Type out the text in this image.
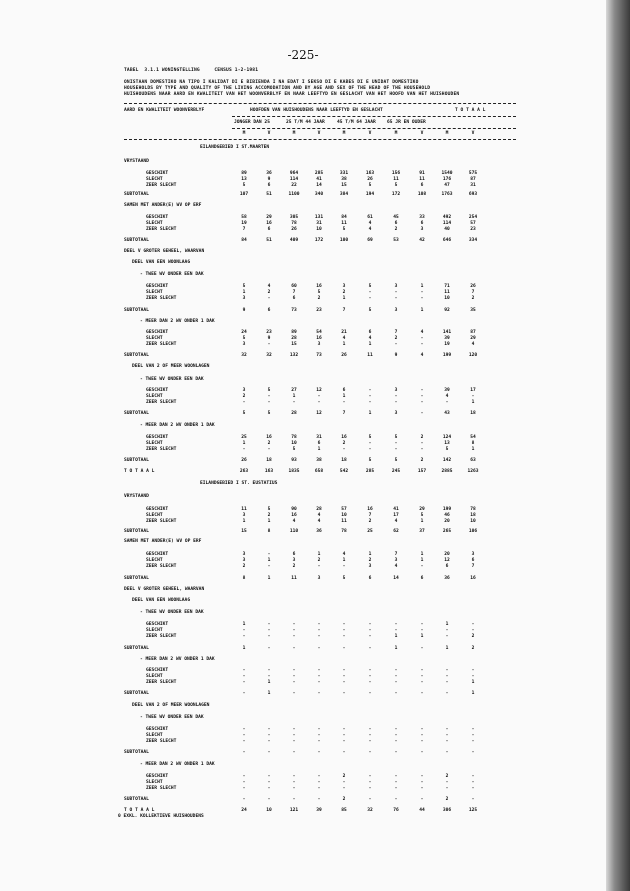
-225-
TABEL  3.1.1 WONINGTELLING     CENSUS 1-2-1981
ONISTAAN DOMESTIKO NA TIPO I KALIDAT DI E BIBIENDA I NA EDAT I SEKSO DI E KABES DI E UNIDAT DOMESTIKO
HOUSEHOLDS BY TYPE AND QUALITY OF THE LIVING ACCOMODATION AND BY AGE AND SEX OF THE HEAD OF THE HOUSEHOLD
HUISHOUDENS NAAR AARD EN KWALITEIT VAN HET WOONVERBLYF EN NAAR LEEFTYD EN GESLACHT VAN HET HOOFD VAN HET HUISHOUDEN
AARD EN KWALITEIT WOONVERBLYF	HOOFDEN VAN HUISHOUDENS NAAR LEEFTYD EN GESLACHT	T O T A A L
JONGER DAN 25	25 T/M 44 JAAR	45 T/M 64 JAAR 65 JR EN OUDER
M	V	M	V	M	V	M	V	M	V
EILANDGEBIED I ST.MAARTEN
EILANDGEBIED I ST. EUSTATIUS
VRYSTAAND
GESCHIKT	89	36	964	285	331	163	156	91	1540	575
SLECHT	13	9	114	41	38	26	11	11	176	87
ZEER SLECHT	5	6	22	14	15	5	5	6	47	31
SUBTOTAAL	107	51	1100	340	384	194	172	108	1763	693
SAMEN MET ANDER(E) WV OP ERF
GESCHIKT	58	29	305	131	84	61	45	33	492	254
SLECHT	19	16	78	31	11	4	6	6	114	57
ZEER SLECHT	7	6	26	10	5	4	2	3	40	23
SUBTOTAAL	84	51	409	172	100	69	53	42	646	334
DEEL V GROTER GEHEEL, WAARVAN
DEEL VAN EEN WOONLAAG
- TWEE WV ONDER EEN DAK
GESCHIKT	5	4	60	16	3	5	3	1	71	26
SLECHT	1	2	7	5	2	-	-	-	11	7
ZEER SLECHT	3	-	6	2	1	-	-	-	10	2
SUBTOTAAL	9	6	73	23	7	5	3	1	92	35
- MEER DAN 2 WV ONDER 1 DAK
GESCHIKT	24	23	89	54	21	6	7	4	141	87
SLECHT	5	9	28	16	4	4	2	-	39	29
ZEER SLECHT	3	-	15	3	1	1	-	-	19	4
SUBTOTAAL	32	32	132	73	26	11	9	4	199	120
DEEL VAN 2 OF MEER WOONLAGEN
- TWEE WV ONDER EEN DAK
GESCHIKT	3	5	27	12	6	-	3	-	39	17
SLECHT	2	-	1	-	1	-	-	-	4	-
ZEER SLECHT	-	-	-	-	-	-	-	-	-	1
SUBTOTAAL	5	5	28	12	7	1	3	-	43	18
- MEER DAN 2 WV ONDER 1 DAK
GESCHIKT	25	16	78	31	16	5	5	2	124	54
SLECHT	1	2	10	6	2	-	-	-	13	8
ZEER SLECHT	-	-	5	1	-	-	-	-	5	1
SUBTOTAAL	26	18	93	38	18	5	5	2	142	63
T O T A A L	263	163	1835	658	542	285	245	157	2885	1263
VRYSTAAND
GESCHIKT	11	5	90	28	57	16	41	29	199	78
SLECHT	3	2	16	4	10	7	17	5	46	18
ZEER SLECHT	1	1	4	4	11	2	4	1	20	10
SUBTOTAAL	15	8	110	36	78	25	62	37	265	106
SAMEN MET ANDER(E) WV OP ERF
GESCHIKT	3	-	6	1	4	1	7	1	20	3
SLECHT	3	1	3	2	1	2	3	1	12	6
ZEER SLECHT	2	-	2	-	-	3	4	-	6	7
SUBTOTAAL	8	1	11	3	5	6	14	6	36	16
DEEL V GROTER GEHEEL, WAARVAN
DEEL VAN EEN WOONLAAG
- TWEE WV ONDER EEN DAK
GESCHIKT	1	-	-	-	-	-	-	-	1	-
SLECHT	-	-	-	-	-	-	-	-	-	-
ZEER SLECHT	-	-	-	-	-	-	1	1	-	2
SUBTOTAAL	1	-	-	-	-	-	1	-	1	2
- MEER DAN 2 WV ONDER 1 DAK
GESCHIKT	-	-	-	-	-	-	-	-	-	-
SLECHT	-	-	-	-	-	-	-	-	-	-
ZEER SLECHT	-	1	-	-	-	-	-	-	-	1
SUBTOTAAL	-	1	-	-	-	-	-	-	-	1
DEEL VAN 2 OF MEER WOONLAGEN
- TWEE WV ONDER EEN DAK
GESCHIKT	-	-	-	-	-	-	-	-	-	-
SLECHT	-	-	-	-	-	-	-	-	-	-
ZEER SLECHT	-	-	-	-	-	-	-	-	-	-
SUBTOTAAL	-	-	-	-	-	-	-	-	-	-
- MEER DAN 2 WV ONDER 1 DAK
GESCHIKT	-	-	-	-	2	-	-	-	2	-
SLECHT	-	-	-	-	-	-	-	-	-	-
ZEER SLECHT	-	-	-	-	-	-	-	-	-	-
SUBTOTAAL	-	-	-	-	2	-	-	-	2	-
T O T A A L	24	10	121	39	85	32	76	44	306	125
0 EXKL. KOLLEKTIEVE HUISHOUDENS
